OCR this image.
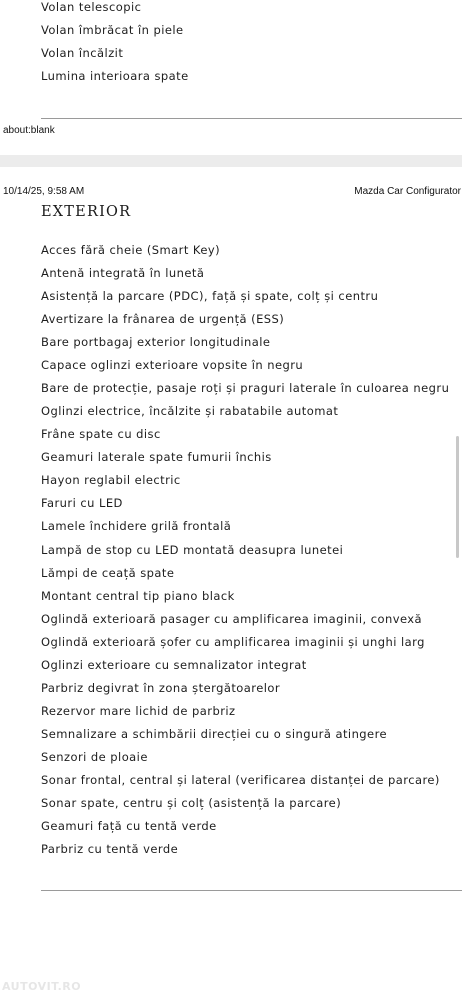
Volan telescopic
Volan îmbrăcat în piele
Volan încălzit
Lumina interioara spate
about:blank
10/14/25, 9:58 AM	Mazda Car Configurator
EXTERIOR
Acces fără cheie (Smart Key)
Antenă integrată în lunetă
Asistență la parcare (PDC), față și spate, colț și centru
Avertizare la frânarea de urgență (ESS)
Bare portbagaj exterior longitudinale
Capace oglinzi exterioare vopsite în negru
Bare de protecție, pasaje roți și praguri laterale în culoarea negru
Oglinzi electrice, încălzite și rabatabile automat
Frâne spate cu disc
Geamuri laterale spate fumurii închis
Hayon reglabil electric
Faruri cu LED
Lamele închidere grilă frontală
Lampă de stop cu LED montată deasupra lunetei
Lămpi de ceață spate
Montant central tip piano black
Oglindă exterioară pasager cu amplificarea imaginii, convexă
Oglindă exterioară șofer cu amplificarea imaginii și unghi larg
Oglinzi exterioare cu semnalizator integrat
Parbriz degivrat în zona ștergătoarelor
Rezervor mare lichid de parbriz
Semnalizare a schimbării direcției cu o singură atingere
Senzori de ploaie
Sonar frontal, central și lateral (verificarea distanței de parcare)
Sonar spate, centru și colț (asistență la parcare)
Geamuri față cu tentă verde
Parbriz cu tentă verde
AUTOVIT.RO
